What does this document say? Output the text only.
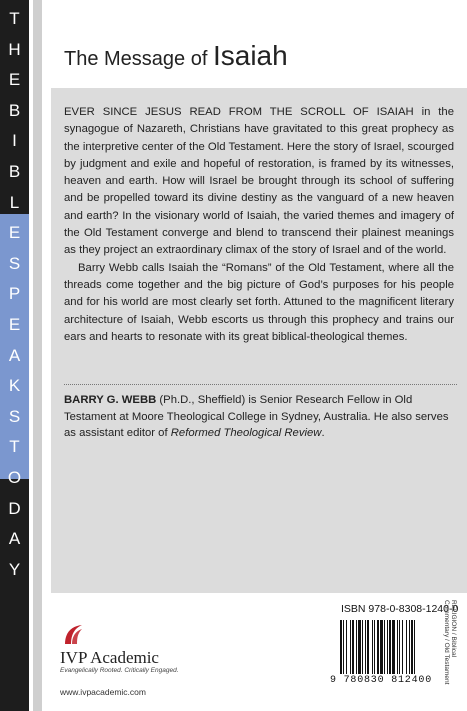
T
H
E
B
I
B
L
E
S
P
E
A
K
S
T
O
D
A
Y
The Message of Isaiah

EVER SINCE JESUS READ FROM THE SCROLL OF ISAIAH in the synagogue of Nazareth, Christians have gravitated to this great prophecy as the interpretive center of the Old Testament. Here the story of Israel, scourged by judgment and exile and hopeful of restoration, is framed by its witnesses, heaven and earth. How will Israel be brought through its school of suffering and be propelled toward its divine destiny as the vanguard of a new heaven and earth? In the visionary world of Isaiah, the varied themes and imagery of the Old Testament converge and blend to transcend their plainest meanings as they project an extraordinary climax of the story of Israel and of the world.

Barry Webb calls Isaiah the “Romans” of the Old Testament, where all the threads come together and the big picture of God’s purposes for his people and for his world are most clearly set forth. Attuned to the magnificent literary architecture of Isaiah, Webb escorts us through this prophecy and trains our ears and hearts to resonate with its great biblical-theological themes.

BARRY G. WEBB (Ph.D., Sheffield) is Senior Research Fellow in Old Testament at Moore Theological College in Sydney, Australia. He also serves as assistant editor of Reformed Theological Review.
ISBN 978-0-8308-1240-0
9 780830 812400
RELIGION / Biblical Commentary / Old Testament
IVP Academic
Evangelically Rooted. Critically Engaged.
www.ivpacademic.com
